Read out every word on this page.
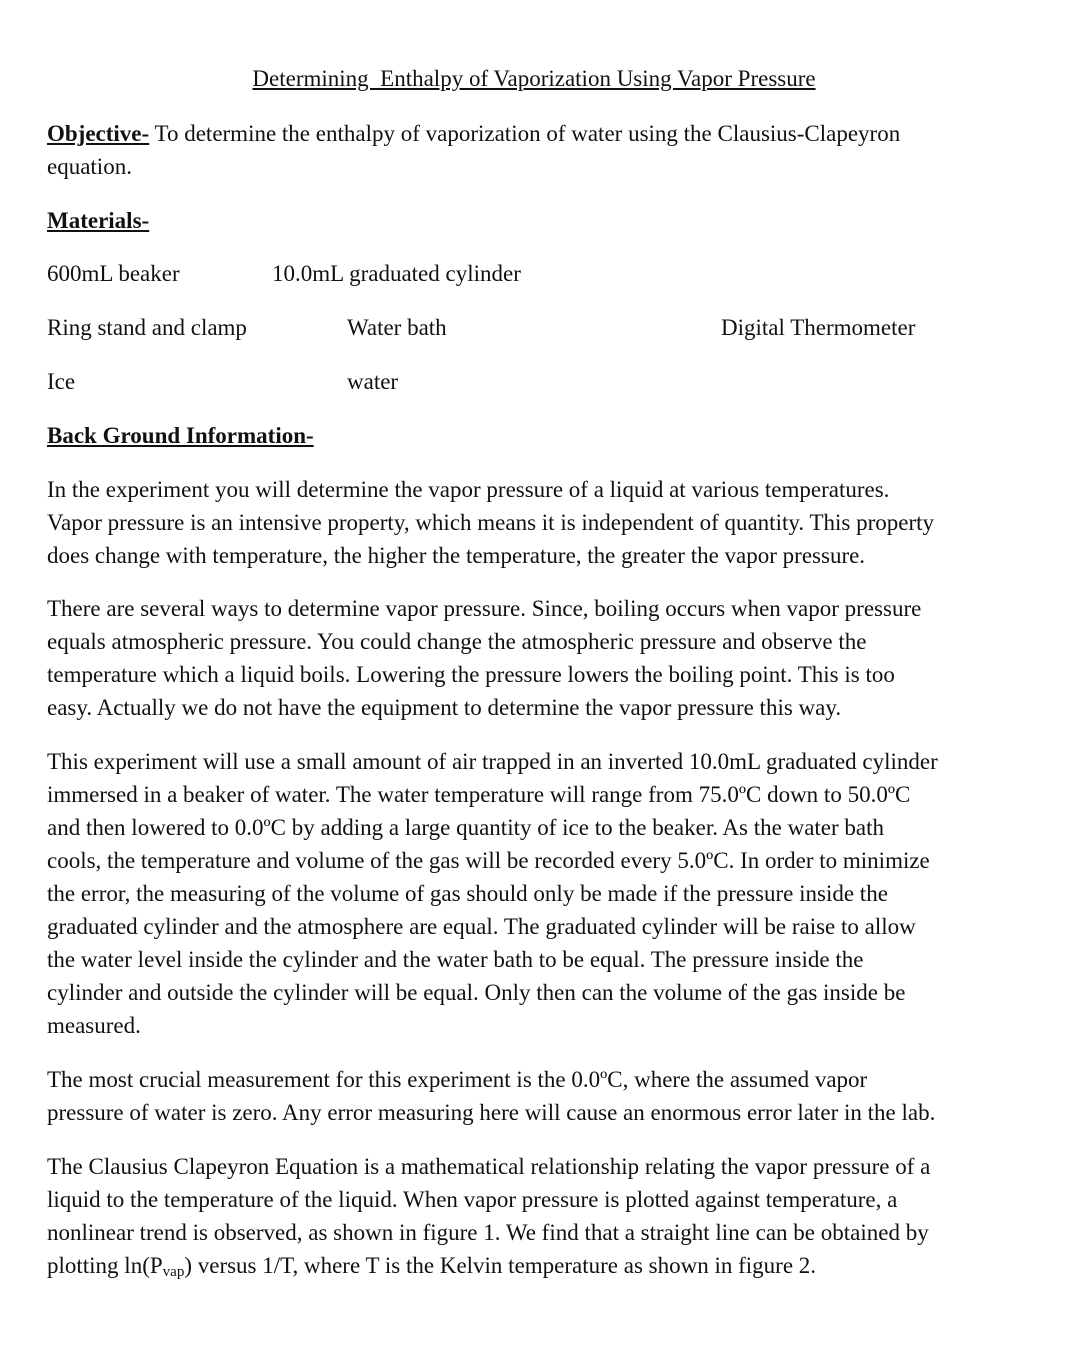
Determining  Enthalpy of Vaporization Using Vapor Pressure
Objective- To determine the enthalpy of vaporization of water using the Clausius-Clapeyron
equation.
Materials-
600mL beaker	10.0mL graduated cylinder
Ring stand and clamp	Water bath	Digital Thermometer
Ice	water
Back Ground Information-
In the experiment you will determine the vapor pressure of a liquid at various temperatures.
Vapor pressure is an intensive property, which means it is independent of quantity. This property
does change with temperature, the higher the temperature, the greater the vapor pressure.
There are several ways to determine vapor pressure. Since, boiling occurs when vapor pressure
equals atmospheric pressure. You could change the atmospheric pressure and observe the
temperature which a liquid boils. Lowering the pressure lowers the boiling point. This is too
easy. Actually we do not have the equipment to determine the vapor pressure this way.
This experiment will use a small amount of air trapped in an inverted 10.0mL graduated cylinder
immersed in a beaker of water. The water temperature will range from 75.0ºC down to 50.0ºC
and then lowered to 0.0ºC by adding a large quantity of ice to the beaker. As the water bath
cools, the temperature and volume of the gas will be recorded every 5.0ºC. In order to minimize
the error, the measuring of the volume of gas should only be made if the pressure inside the
graduated cylinder and the atmosphere are equal. The graduated cylinder will be raise to allow
the water level inside the cylinder and the water bath to be equal. The pressure inside the
cylinder and outside the cylinder will be equal. Only then can the volume of the gas inside be
measured.
The most crucial measurement for this experiment is the 0.0ºC, where the assumed vapor
pressure of water is zero. Any error measuring here will cause an enormous error later in the lab.
The Clausius Clapeyron Equation is a mathematical relationship relating the vapor pressure of a
liquid to the temperature of the liquid. When vapor pressure is plotted against temperature, a
nonlinear trend is observed, as shown in figure 1. We find that a straight line can be obtained by
plotting $\ln(P_{vap})$ versus 1/T, where T is the Kelvin temperature as shown in figure 2.
